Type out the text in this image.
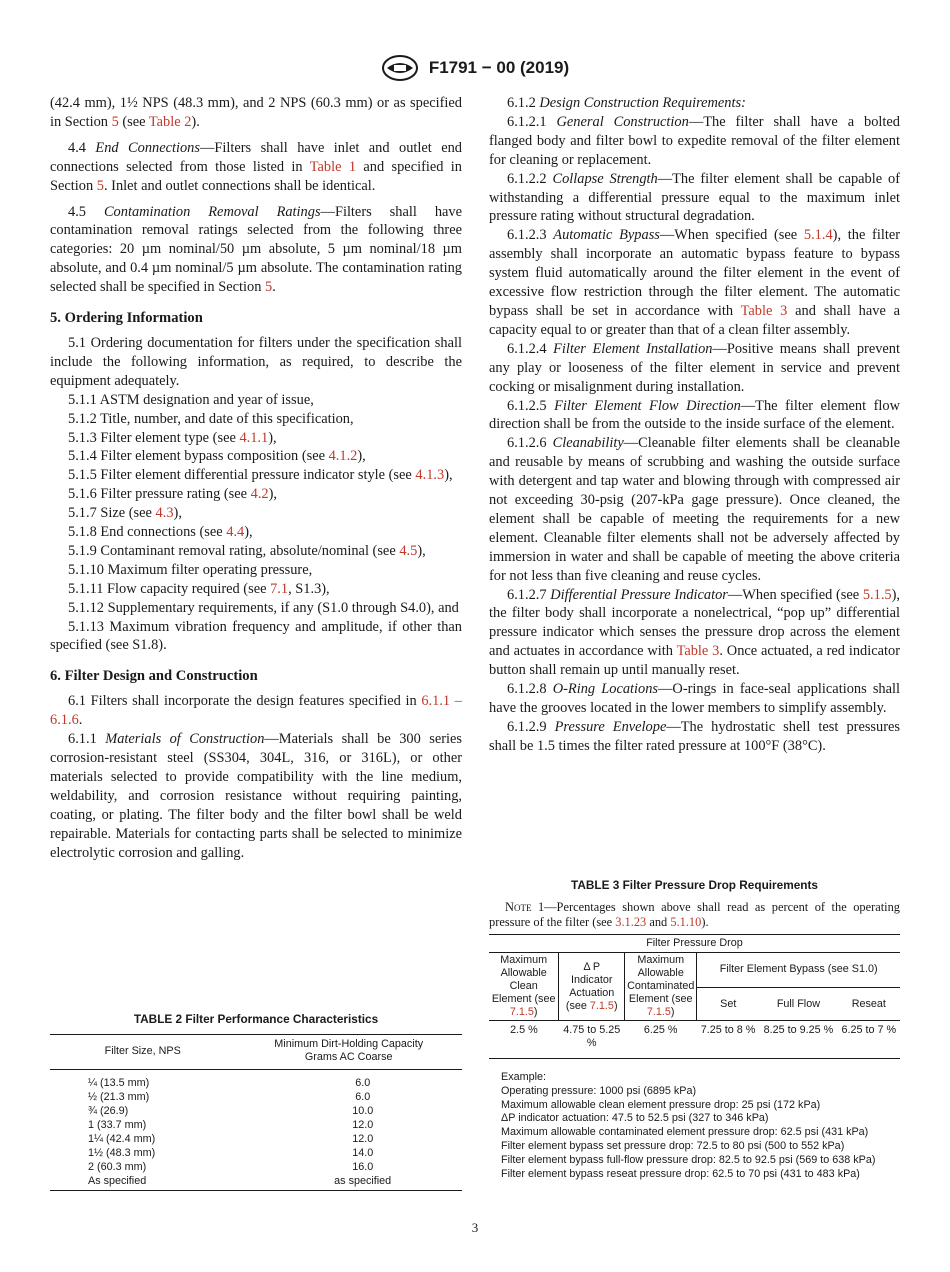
F1791 − 00 (2019)

(42.4 mm), 1½ NPS (48.3 mm), and 2 NPS (60.3 mm) or as specified in Section 5 (see Table 2).

4.4 End Connections—Filters shall have inlet and outlet end connections selected from those listed in Table 1 and specified in Section 5. Inlet and outlet connections shall be identical.

4.5 Contamination Removal Ratings—Filters shall have contamination removal ratings selected from the following three categories: 20 µm nominal/50 µm absolute, 5 µm nominal/18 µm absolute, and 0.4 µm nominal/5 µm absolute. The contamination rating selected shall be specified in Section 5.

5. Ordering Information

5.1 Ordering documentation for filters under the specification shall include the following information, as required, to describe the equipment adequately.

5.1.1 ASTM designation and year of issue,

5.1.2 Title, number, and date of this specification,

5.1.3 Filter element type (see 4.1.1),

5.1.4 Filter element bypass composition (see 4.1.2),

5.1.5 Filter element differential pressure indicator style (see 4.1.3),

5.1.6 Filter pressure rating (see 4.2),

5.1.7 Size (see 4.3),

5.1.8 End connections (see 4.4),

5.1.9 Contaminant removal rating, absolute/nominal (see 4.5),

5.1.10 Maximum filter operating pressure,

5.1.11 Flow capacity required (see 7.1, S1.3),

5.1.12 Supplementary requirements, if any (S1.0 through S4.0), and

5.1.13 Maximum vibration frequency and amplitude, if other than specified (see S1.8).

6. Filter Design and Construction

6.1 Filters shall incorporate the design features specified in 6.1.1 – 6.1.6.

6.1.1 Materials of Construction—Materials shall be 300 series corrosion-resistant steel (SS304, 304L, 316, or 316L), or other materials selected to provide compatibility with the line medium, weldability, and corrosion resistance without requiring painting, coating, or plating. The filter body and the filter bowl shall be weld repairable. Materials for contacting parts shall be selected to minimize electrolytic corrosion and galling.

6.1.2 Design Construction Requirements:

6.1.2.1 General Construction—The filter shall have a bolted flanged body and filter bowl to expedite removal of the filter element for cleaning or replacement.

6.1.2.2 Collapse Strength—The filter element shall be capable of withstanding a differential pressure equal to the maximum inlet pressure rating without structural degradation.

6.1.2.3 Automatic Bypass—When specified (see 5.1.4), the filter assembly shall incorporate an automatic bypass feature to bypass system fluid automatically around the filter element in the event of excessive flow restriction through the filter element. The automatic bypass shall be set in accordance with Table 3 and shall have a capacity equal to or greater than that of a clean filter assembly.

6.1.2.4 Filter Element Installation—Positive means shall prevent any play or looseness of the filter element in service and prevent cocking or misalignment during installation.

6.1.2.5 Filter Element Flow Direction—The filter element flow direction shall be from the outside to the inside surface of the element.

6.1.2.6 Cleanability—Cleanable filter elements shall be cleanable and reusable by means of scrubbing and washing the outside surface with detergent and tap water and blowing through with compressed air not exceeding 30-psig (207-kPa gage pressure). Once cleaned, the element shall be capable of meeting the requirements for a new element. Cleanable filter elements shall not be adversely affected by immersion in water and shall be capable of meeting the above criteria for not less than five cleaning and reuse cycles.

6.1.2.7 Differential Pressure Indicator—When specified (see 5.1.5), the filter body shall incorporate a nonelectrical, “pop up” differential pressure indicator which senses the pressure drop across the element and actuates in accordance with Table 3. Once actuated, a red indicator button shall remain up until manually reset.

6.1.2.8 O-Ring Locations—O-rings in face-seal applications shall have the grooves located in the lower members to simplify assembly.

6.1.2.9 Pressure Envelope—The hydrostatic shell test pressures shall be 1.5 times the filter rated pressure at 100°F (38°C).

TABLE 2 Filter Performance Characteristics
Filter Size, NPS	Minimum Dirt-Holding Capacity
Grams AC Coarse
¼ (13.5 mm)	6.0
½ (21.3 mm)	6.0
¾ (26.9)	10.0
1 (33.7 mm)	12.0
1¼ (42.4 mm)	12.0
1½ (48.3 mm)	14.0
2 (60.3 mm)	16.0
As specified	as specified
TABLE 3 Filter Pressure Drop Requirements

Note 1—Percentages shown above shall read as percent of the operating pressure of the filter (see 3.1.23 and 5.1.10).

Filter Pressure Drop					
Maximum Allowable Clean Element (see 7.1.5)	Δ P Indicator Actuation (see 7.1.5)	Maximum Allowable Contaminated Element (see 7.1.5)	Filter Element Bypass (see S1.0)		
			Set	Full Flow	Reseat
2.5 %	4.75 to 5.25 %	6.25 %	7.25 to 8 %	8.25 to 9.25 %	6.25 to 7 %
Example:
Operating pressure: 1000 psi (6895 kPa)
Maximum allowable clean element pressure drop: 25 psi (172 kPa)
ΔP indicator actuation: 47.5 to 52.5 psi (327 to 346 kPa)
Maximum allowable contaminated element pressure drop: 62.5 psi (431 kPa)
Filter element bypass set pressure drop: 72.5 to 80 psi (500 to 552 kPa)
Filter element bypass full-flow pressure drop: 82.5 to 92.5 psi (569 to 638 kPa)
Filter element bypass reseat pressure drop: 62.5 to 70 psi (431 to 483 kPa)
3
